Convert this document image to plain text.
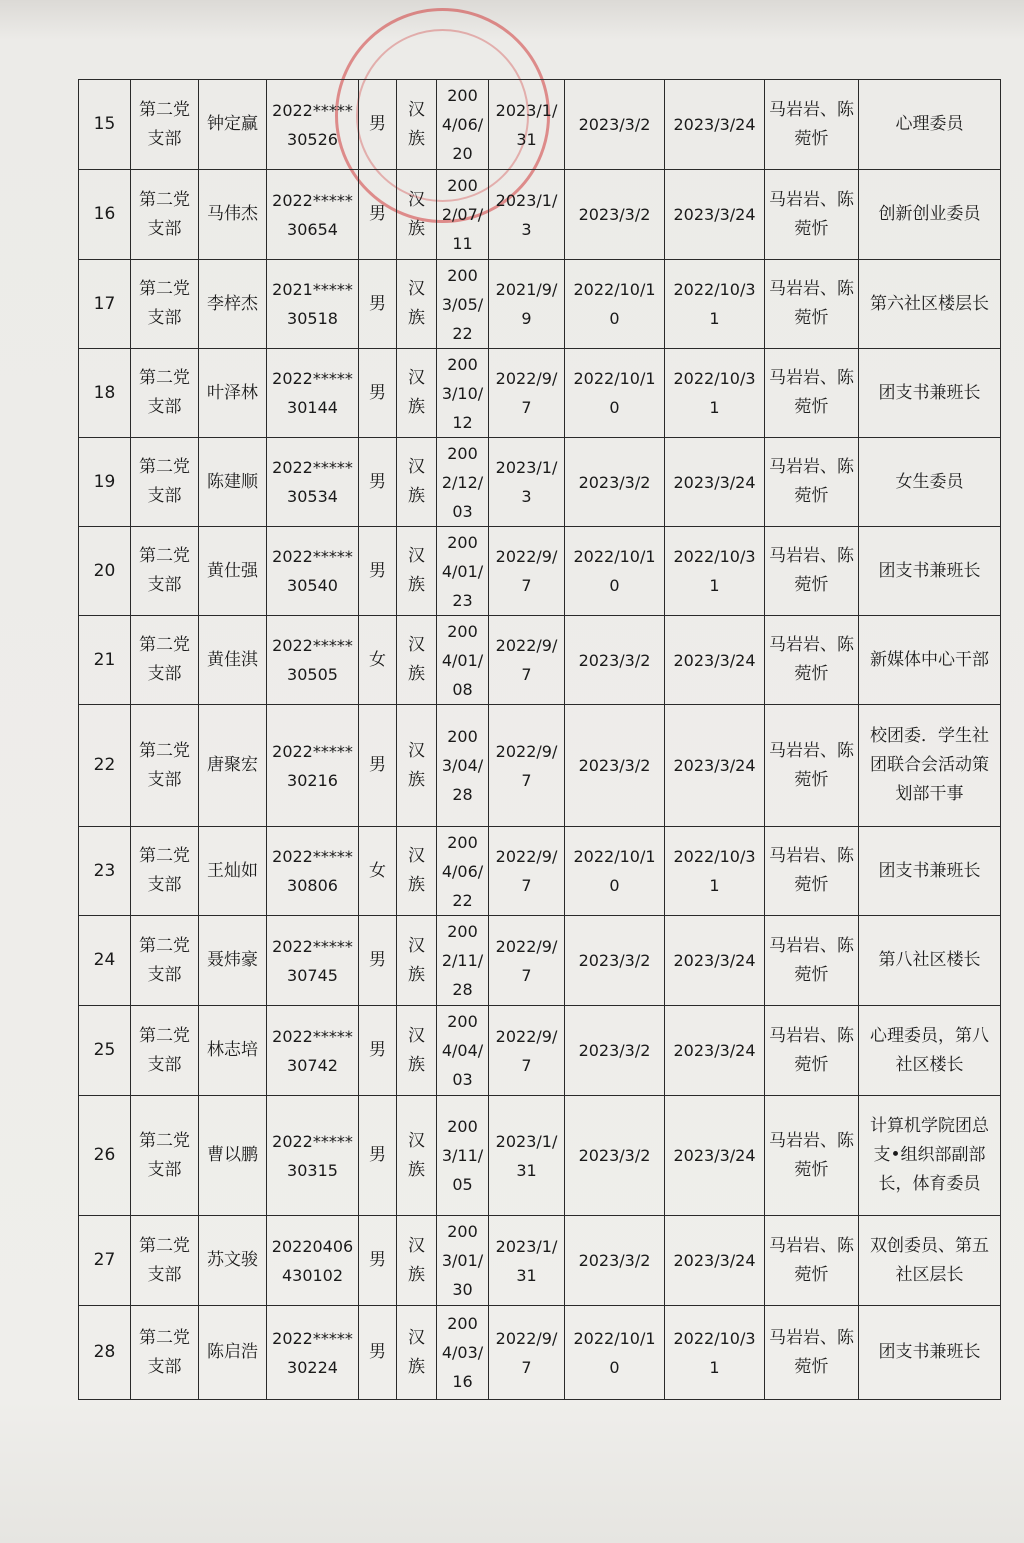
15	第二党支部	钟定赢	2022*****30526	男	汉族	2004/06/20	2023/1/31	2023/3/2	2023/3/24	马岩岩、陈菀忻	心理委员
16	第二党支部	马伟杰	2022*****30654	男	汉族	2002/07/11	2023/1/3	2023/3/2	2023/3/24	马岩岩、陈菀忻	创新创业委员
17	第二党支部	李梓杰	2021*****30518	男	汉族	2003/05/22	2021/9/9	2022/10/10	2022/10/31	马岩岩、陈菀忻	第六社区楼层长
18	第二党支部	叶泽林	2022*****30144	男	汉族	2003/10/12	2022/9/7	2022/10/10	2022/10/31	马岩岩、陈菀忻	团支书兼班长
19	第二党支部	陈建顺	2022*****30534	男	汉族	2002/12/03	2023/1/3	2023/3/2	2023/3/24	马岩岩、陈菀忻	女生委员
20	第二党支部	黄仕强	2022*****30540	男	汉族	2004/01/23	2022/9/7	2022/10/10	2022/10/31	马岩岩、陈菀忻	团支书兼班长
21	第二党支部	黄佳淇	2022*****30505	女	汉族	2004/01/08	2022/9/7	2023/3/2	2023/3/24	马岩岩、陈菀忻	新媒体中心干部
22	第二党支部	唐聚宏	2022*****30216	男	汉族	2003/04/28	2022/9/7	2023/3/2	2023/3/24	马岩岩、陈菀忻	校团委．学生社团联合会活动策划部干事
23	第二党支部	王灿如	2022*****30806	女	汉族	2004/06/22	2022/9/7	2022/10/10	2022/10/31	马岩岩、陈菀忻	团支书兼班长
24	第二党支部	聂炜豪	2022*****30745	男	汉族	2002/11/28	2022/9/7	2023/3/2	2023/3/24	马岩岩、陈菀忻	第八社区楼长
25	第二党支部	林志培	2022*****30742	男	汉族	2004/04/03	2022/9/7	2023/3/2	2023/3/24	马岩岩、陈菀忻	心理委员，第八社区楼长
26	第二党支部	曹以鹏	2022*****30315	男	汉族	2003/11/05	2023/1/31	2023/3/2	2023/3/24	马岩岩、陈菀忻	计算机学院团总支•组织部副部长，体育委员
27	第二党支部	苏文骏	20220406430102	男	汉族	2003/01/30	2023/1/31	2023/3/2	2023/3/24	马岩岩、陈菀忻	双创委员、第五社区层长
28	第二党支部	陈启浩	2022*****30224	男	汉族	2004/03/16	2022/9/7	2022/10/10	2022/10/31	马岩岩、陈菀忻	团支书兼班长
